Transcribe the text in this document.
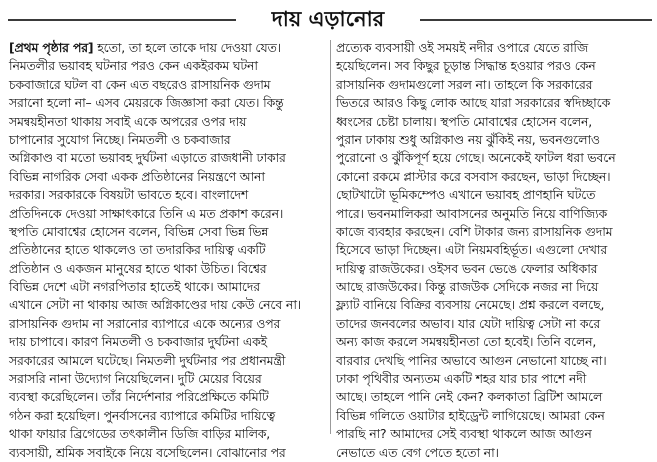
দায় এড়ানোর
[প্রথম পৃষ্ঠার পর] হতো, তা হলে তাকে দায় দেওয়া যেত।
নিমতলীর ভয়াবহ ঘটনার পরও কেন একইরকম ঘটনা
চকবাজারে ঘটল বা কেন এত বছরেও রাসায়নিক গুদাম
সরানো হলো না– এসব মেয়রকে জিজ্ঞাসা করা যেত। কিন্তু
সমন্বয়হীনতা থাকায় সবাই একে অপরের ওপর দায়
চাপানোর সুযোগ নিচ্ছে। নিমতলী ও চকবাজার
অগ্নিকাণ্ড বা মতো ভয়াবহ দুর্ঘটনা এড়াতে রাজধানী ঢাকার
বিভিন্ন নাগরিক সেবা একক প্রতিষ্ঠানের নিয়ন্ত্রণে আনা
দরকার। সরকারকে বিষয়টা ভাবতে হবে। বাংলাদেশ
প্রতিদিনকে দেওয়া সাক্ষাৎকারে তিনি এ মত প্রকাশ করেন।
স্থপতি মোবাশ্বের হোসেন বলেন, বিভিন্ন সেবা ভিন্ন ভিন্ন
প্রতিষ্ঠানের হাতে থাকলেও তা তদারকির দায়িত্ব একটি
প্রতিষ্ঠান ও একজন মানুষের হাতে থাকা উচিত। বিশ্বের
বিভিন্ন দেশে এটা নগরপিতার হাতেই থাকে। আমাদের
এখানে সেটা না থাকায় আজ অগ্নিকাণ্ডের দায় কেউ নেবে না।
রাসায়নিক গুদাম না সরানোর ব্যাপারে একে অন্যের ওপর
দায় চাপাবে। কারণ নিমতলী ও চকবাজার দুর্ঘটনা একই
সরকারের আমলে ঘটেছে। নিমতলী দুর্ঘটনার পর প্রধানমন্ত্রী
সরাসরি নানা উদ্যোগ নিয়েছিলেন। দুটি মেয়ের বিয়ের
ব্যবস্থা করেছিলেন। তাঁর নির্দেশনার পরিপ্রেক্ষিতে কমিটি
গঠন করা হয়েছিল। পুনর্বাসনের ব্যাপারে কমিটির দায়িত্বে
থাকা ফায়ার ব্রিগেডের তৎকালীন ডিজি বাড়ির মালিক,
ব্যবসায়ী, শ্রমিক সবাইকে নিয়ে বসেছিলেন। বোঝানোর পর
প্রত্যেক ব্যবসায়ী ওই সময়ই নদীর ওপারে যেতে রাজি
হয়েছিলেন। সব কিছুর চূড়ান্ত সিদ্ধান্ত হওয়ার পরও কেন
রাসায়নিক গুদামগুলো সরল না। তাহলে কি সরকারের
ভিতরে আরও কিছু লোক আছে যারা সরকারের স্বদিচ্ছাকে
ধ্বংসের চেষ্টা চালায়। স্থপতি মোবাশ্বের হোসেন বলেন,
পুরান ঢাকায় শুধু অগ্নিকাণ্ড নয় ঝুঁকিই নয়, ভবনগুলোও
পুরোনো ও ঝুঁকিপূর্ণ হয়ে গেছে। অনেকেই ফাটল ধরা ভবনে
কোনো রকমে প্লাস্টার করে বসবাস করছেন, ভাড়া দিচ্ছেন।
ছোটখাটো ভূমিকম্পেও এখানে ভয়াবহ প্রাণহানি ঘটতে
পারে। ভবনমালিকরা আবাসনের অনুমতি নিয়ে বাণিজ্যিক
কাজে ব্যবহার করছেন। বেশি টাকার জন্য রাসায়নিক গুদাম
হিসেবে ভাড়া দিচ্ছেন। এটা নিয়মবহির্ভূত। এগুলো দেখার
দায়িত্ব রাজউকের। ওইসব ভবন ভেঙে ফেলার অধিকার
আছে রাজউকের। কিন্তু রাজউক সেদিকে নজর না দিয়ে
ফ্ল্যাট বানিয়ে বিক্রির ব্যবসায় নেমেছে। প্রশ্ন করলে বলছে,
তাদের জনবলের অভাব। যার যেটা দায়িত্ব সেটা না করে
অন্য কাজ করলে সমন্বয়হীনতা তো হবেই। তিনি বলেন,
বারবার দেখছি পানির অভাবে আগুন নেভানো যাচ্ছে না।
ঢাকা পৃথিবীর অন্যতম একটি শহর যার চার পাশে নদী
আছে। তাহলে পানি নেই কেন? কলকাতা ব্রিটিশ আমলে
বিভিন্ন গলিতে ওয়াটার হাইড্রেন্ট লাগিয়েছে। আমরা কেন
পারছি না? আমাদের সেই ব্যবস্থা থাকলে আজ আগুন
নেভাতে এত বেগ পেতে হতো না।
